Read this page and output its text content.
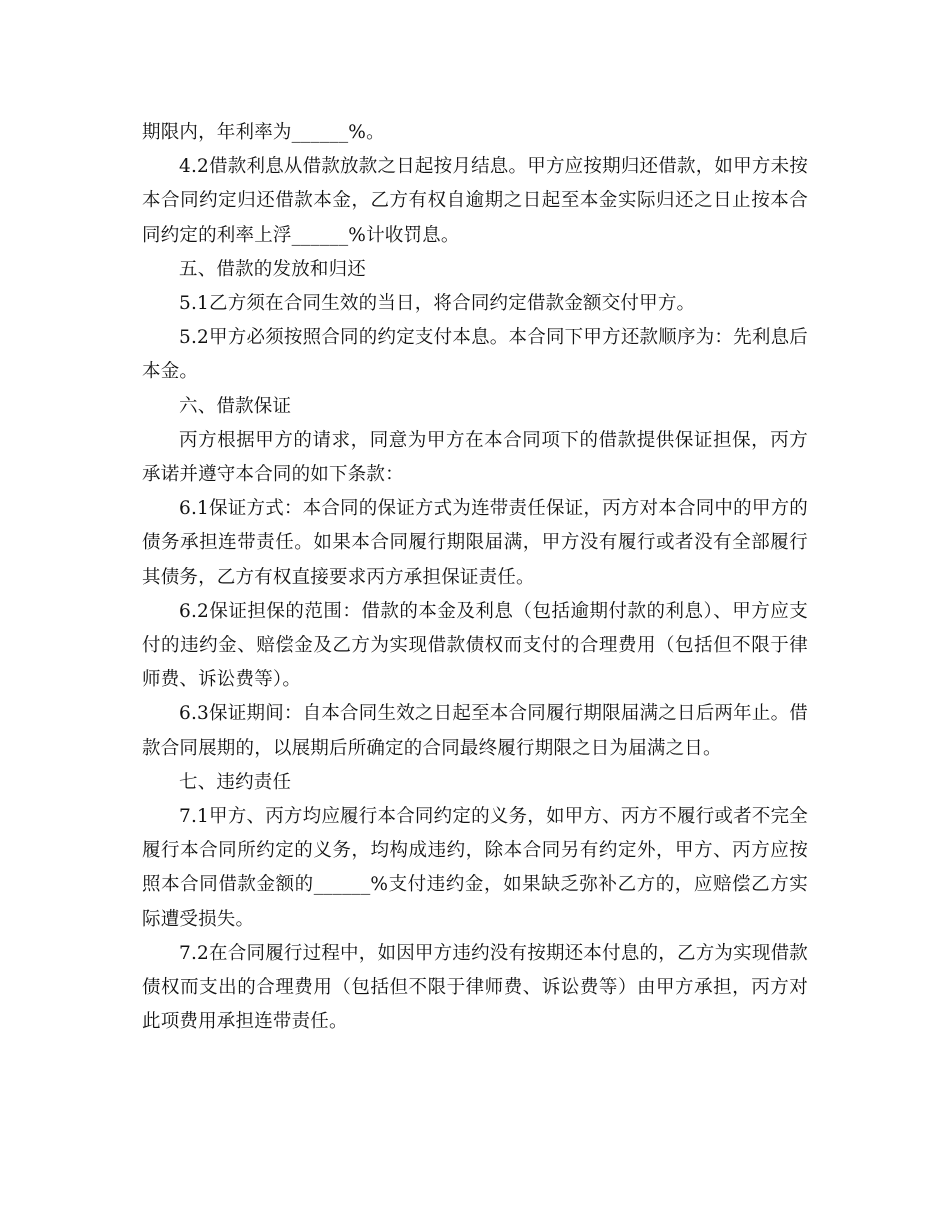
期限内，年利率为______%。

4.2借款利息从借款放款之日起按月结息。甲方应按期归还借款，如甲方未按本合同约定归还借款本金，乙方有权自逾期之日起至本金实际归还之日止按本合同约定的利率上浮______%计收罚息。

五、借款的发放和归还

5.1乙方须在合同生效的当日，将合同约定借款金额交付甲方。

5.2甲方必须按照合同的约定支付本息。本合同下甲方还款顺序为：先利息后本金。

六、借款保证

丙方根据甲方的请求，同意为甲方在本合同项下的借款提供保证担保，丙方承诺并遵守本合同的如下条款：

6.1保证方式：本合同的保证方式为连带责任保证，丙方对本合同中的甲方的债务承担连带责任。如果本合同履行期限届满，甲方没有履行或者没有全部履行其债务，乙方有权直接要求丙方承担保证责任。

6.2保证担保的范围：借款的本金及利息（包括逾期付款的利息）、甲方应支付的违约金、赔偿金及乙方为实现借款债权而支付的合理费用（包括但不限于律师费、诉讼费等）。

6.3保证期间：自本合同生效之日起至本合同履行期限届满之日后两年止。借款合同展期的，以展期后所确定的合同最终履行期限之日为届满之日。

七、违约责任

7.1甲方、丙方均应履行本合同约定的义务，如甲方、丙方不履行或者不完全履行本合同所约定的义务，均构成违约，除本合同另有约定外，甲方、丙方应按照本合同借款金额的______%支付违约金，如果缺乏弥补乙方的，应赔偿乙方实际遭受损失。

7.2在合同履行过程中，如因甲方违约没有按期还本付息的，乙方为实现借款债权而支出的合理费用（包括但不限于律师费、诉讼费等）由甲方承担，丙方对此项费用承担连带责任。
